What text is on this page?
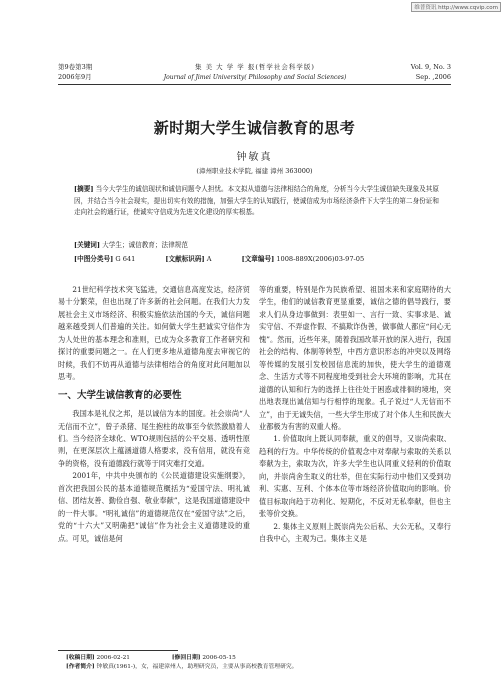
维普资讯 http://www.cqvip.com
第9卷第3期
2006年9月
集 美 大 学 学 报(哲学社会科学版)
Journal of Jimei University( Philosophy and Social Sciences)
Vol. 9, No. 3
Sep. ,2006
新时期大学生诚信教育的思考
钟敏真
(漳州职业技术学院, 福建 漳州 363000)
[摘要] 当今大学生的诚信现状和诚信问题令人担忧。本文拟从道德与法律相结合的角度，分析当今大学生诚信缺失现象及其原因，并结合当今社会现实，提出切实有效的措施，加强大学生的认知践行，使诚信成为市场经济条件下大学生的第二身份证和走向社会的通行证，使诚实守信成为先进文化建设的厚实根基。
[关键词] 大学生；诚信教育；法律规范
[中图分类号] G 641	[文献标识码] A	[文章编号] 1008-889X(2006)03-97-05

21世纪科学技术突飞猛进，交通信息高度发达，经济贸易十分繁荣，但也出现了许多新的社会问题。在我们大力发展社会主义市场经济、积极实施依法治国的今天，诚信问题越来越受到人们普遍的关注。如何做大学生把诚实守信作为为人处世的基本理念和准则，已成为众多教育工作者研究和探讨的重要问题之一。在人们更多地从道德角度去审视它的时候，我们不妨再从道德与法律相结合的角度对此问题加以思考。

一、大学生诚信教育的必要性

我国本是礼仪之邦，是以诚信为本的国度。社会崇尚“人无信而不立”，曾子杀猪、尾生抱柱的故事至今依然激励着人们。当今经济全球化、WTO规则包括的公平交易、透明性原则，在更深层次上蕴涵道德人格要求，没有信用，就没有竞争的资格，没有道德践行就等于同灾难打交道。

2001年，中共中央颁布的《公民道德建设实施纲要》，首次把我国公民的基本道德规范概括为“爱国守法、明礼诚信、团结友善、勤俭自强、敬业奉献”，这是我国道德建设中的一件大事。“明礼诚信”的道德规范仅在“爱国守法”之后，党的“十六大”又明确把“诚信”作为社会主义道德建设的重点。可见，诚信是何

等的重要，特别是作为民族希望、祖国未来和家庭期待的大学生，他们的诚信教育更显重要，诚信之德的倡导践行，要求人们从身边事做到：表里如一、言行一致、实事求是、诚实守信、不弄虚作假、不搞欺诈伪善，做事做人都应“问心无愧”。然而，近些年来，随着我国改革开放的深入进行，我国社会的结构、体制等转型，中西方意识形态的冲突以及网络等传媒的发展引发校园信息流的加快，使大学生的道德观念、生活方式等不同程度地受到社会大环境的影响，尤其在道德的认知和行为的选择上往往处于困惑或徘徊的境地，突出地表现出诚信知与行相悖的现象。孔子说过“人无信而不立”，由于无诚失信，一些大学生形成了对个体人生和民族大业都极为有害的双重人格。

1. 价值取向上既认同奉献，重义的倡导，又崇尚索取、趋利的行为。中华传统的价值观念中对奉献与索取的关系以奉献为主，索取为次，许多大学生也认同重义轻利的价值取向，并崇尚舍生取义的壮举，但在实际行动中他们又受到功利、实惠、互利、个体本位等市场经济价值取向的影响。价值目标取向趋于功利化、短期化，不反对无私奉献，但也主张等价交换。

2. 集体主义原则上既崇尚先公后私、大公无私，又奉行自我中心，主观为己。集体主义是

[收稿日期] 2006-02-21	[修回日期] 2006-05-15
[作者简介] 钟敏真(1961-)，女，福建漳州人，助理研究员，主要从事高校教育管理研究。
